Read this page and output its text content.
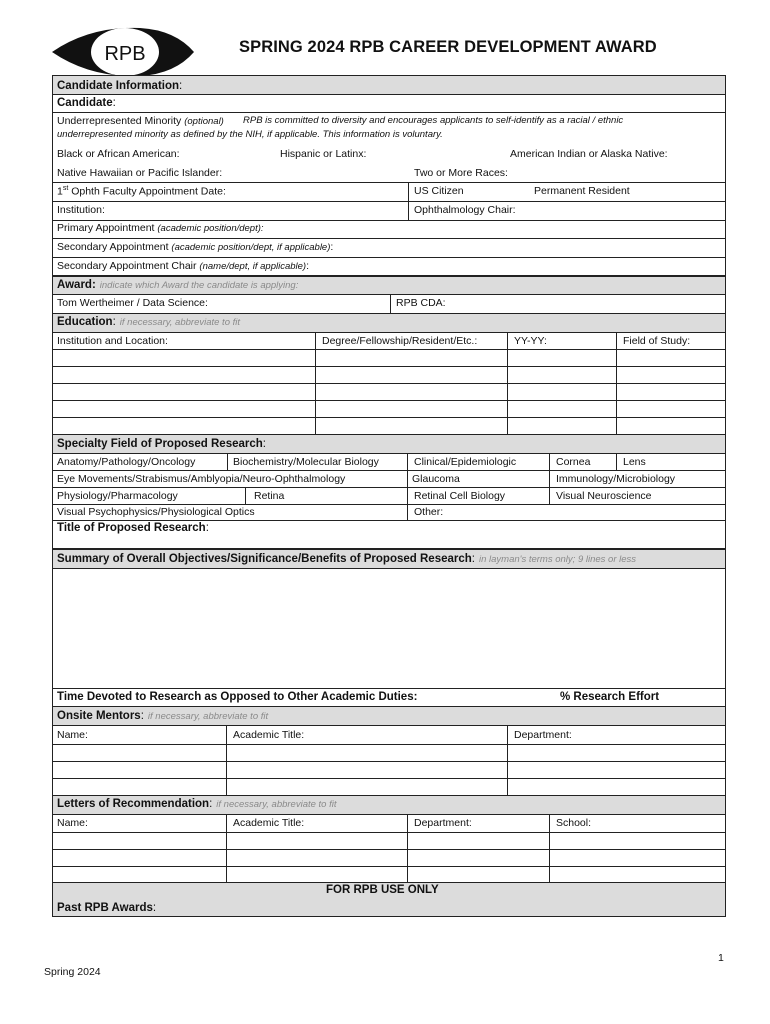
RPB	SPRING 2024 RPB CAREER DEVELOPMENT AWARD
Candidate Information:
Candidate:
Underrepresented Minority (optional) RPB is committed to diversity and encourages applicants to self-identify as a racial / ethnic
underrepresented minority as defined by the NIH, if applicable. This information is voluntary.
Black or African American:	Hispanic or Latinx:	American Indian or Alaska Native:
Native Hawaiian or Pacific Islander:	Two or More Races:
1st Ophth Faculty Appointment Date:	US Citizen	Permanent Resident
Institution:	Ophthalmology Chair:
Primary Appointment (academic position/dept):
Secondary Appointment (academic position/dept, if applicable):
Secondary Appointment Chair (name/dept, if applicable):
Award: indicate which Award the candidate is applying:
Tom Wertheimer / Data Science:	RPB CDA:
Education: if necessary, abbreviate to fit
Institution and Location:	Degree/Fellowship/Resident/Etc.:	YY-YY:	Field of Study:
Specialty Field of Proposed Research:
Anatomy/Pathology/Oncology	Biochemistry/Molecular Biology	Clinical/Epidemiologic	Cornea	Lens
Eye Movements/Strabismus/Amblyopia/Neuro-Ophthalmology	Glaucoma	Immunology/Microbiology
Physiology/Pharmacology	Retina	Retinal Cell Biology	Visual Neuroscience
Visual Psychophysics/Physiological Optics	Other:
Title of Proposed Research:
Summary of Overall Objectives/Significance/Benefits of Proposed Research: in layman's terms only; 9 lines or less
Time Devoted to Research as Opposed to Other Academic Duties:	% Research Effort
Onsite Mentors: if necessary, abbreviate to fit
Name:	Academic Title:	Department:
Letters of Recommendation: if necessary, abbreviate to fit
Name:	Academic Title:	Department:	School:
FOR RPB USE ONLY
Past RPB Awards:
1
Spring 2024
